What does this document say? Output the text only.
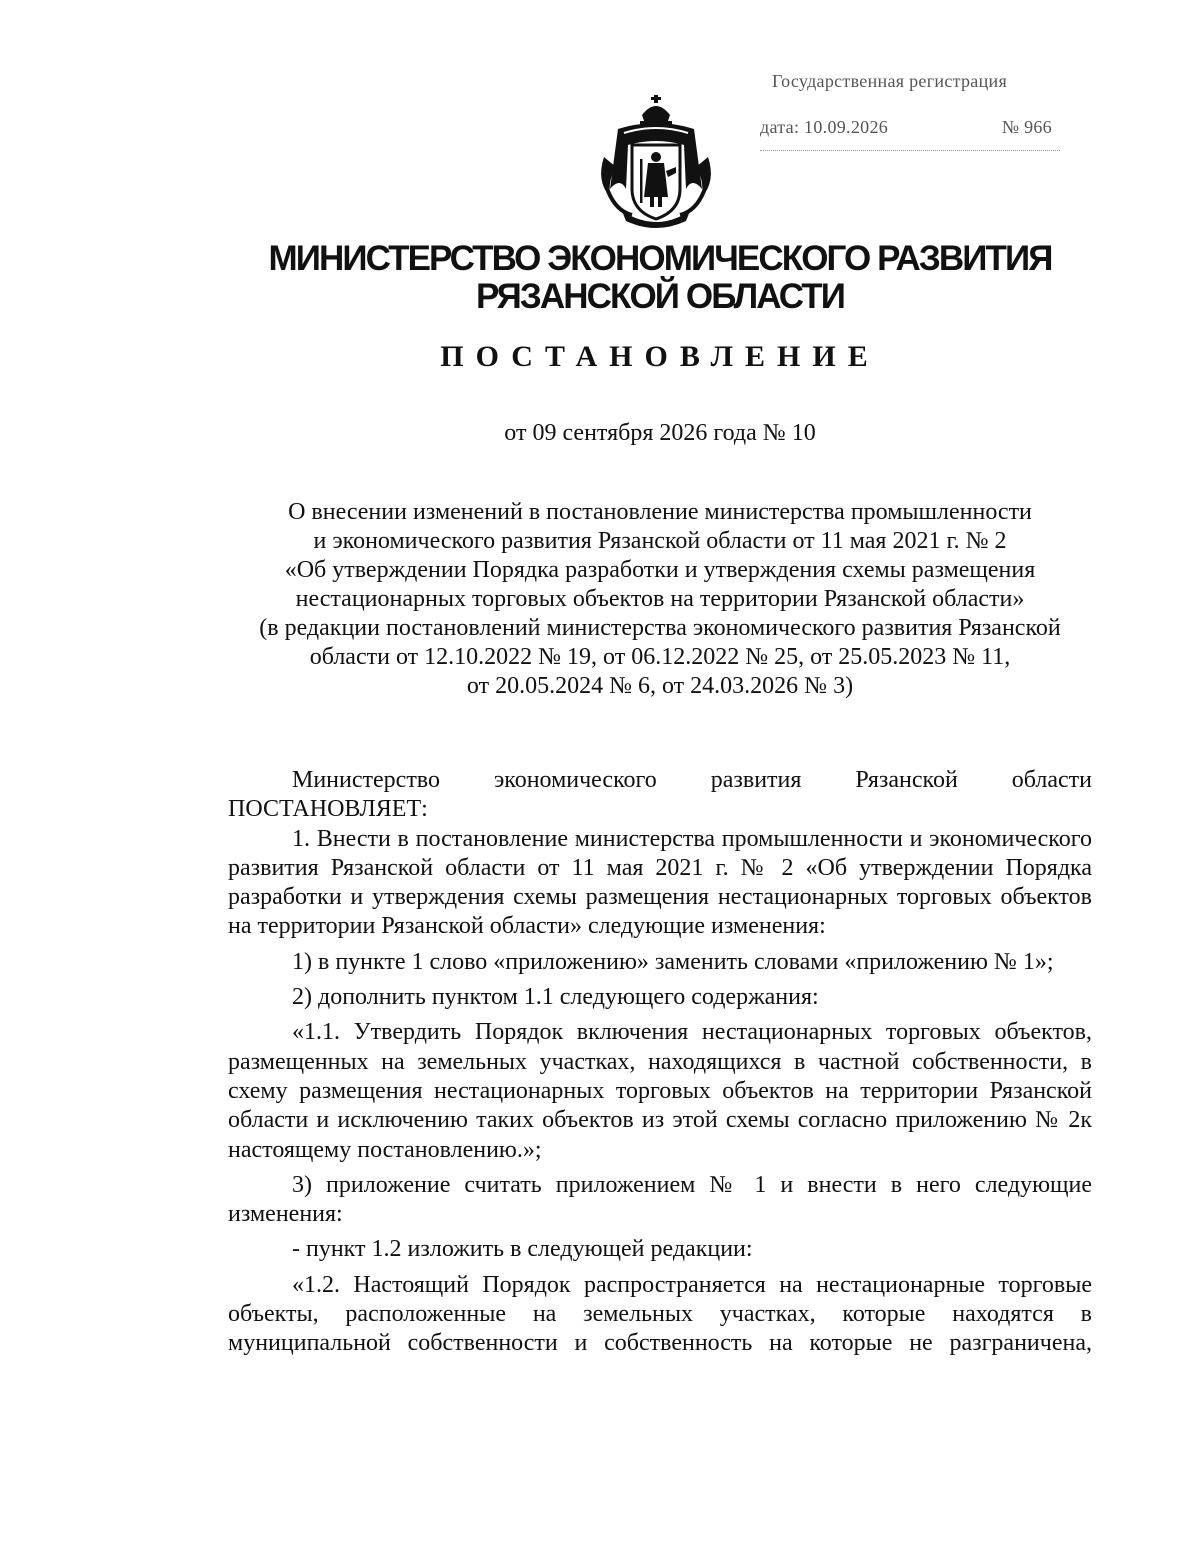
Государственная регистрация
дата: 10.09.2026	№ 966
МИНИСТЕРСТВО ЭКОНОМИЧЕСКОГО РАЗВИТИЯ
РЯЗАНСКОЙ ОБЛАСТИ
ПОСТАНОВЛЕНИЕ
от 09 сентября 2026 года № 10
О внесении изменений в постановление министерства промышленности
и экономического развития Рязанской области от 11 мая 2021 г. № 2
«Об утверждении Порядка разработки и утверждения схемы размещения
нестационарных торговых объектов на территории Рязанской области»
(в редакции постановлений министерства экономического развития Рязанской
области от 12.10.2022 № 19, от 06.12.2022 № 25, от 25.05.2023 № 11,
от 20.05.2024 № 6, от 24.03.2026 № 3)

Министерство экономического развития Рязанской области ПОСТАНОВЛЯЕТ:

1. Внести в постановление министерства промышленности и экономического развития Рязанской области от 11 мая 2021 г. № 2 «Об утверждении Порядка разработки и утверждения схемы размещения нестационарных торговых объектов на территории Рязанской области» следующие изменения:

1) в пункте 1 слово «приложению» заменить словами «приложению № 1»;

2) дополнить пунктом 1.1 следующего содержания:

«1.1. Утвердить Порядок включения нестационарных торговых объектов, размещенных на земельных участках, находящихся в частной собственности, в схему размещения нестационарных торговых объектов на территории Рязанской области и исключению таких объектов из этой схемы согласно приложению № 2к настоящему постановлению.»;

3) приложение считать приложением № 1 и внести в него следующие изменения:

- пункт 1.2 изложить в следующей редакции:

«1.2. Настоящий Порядок распространяется на нестационарные торговые объекты, расположенные на земельных участках, которые находятся в муниципальной собственности и собственность на которые не разграничена,
